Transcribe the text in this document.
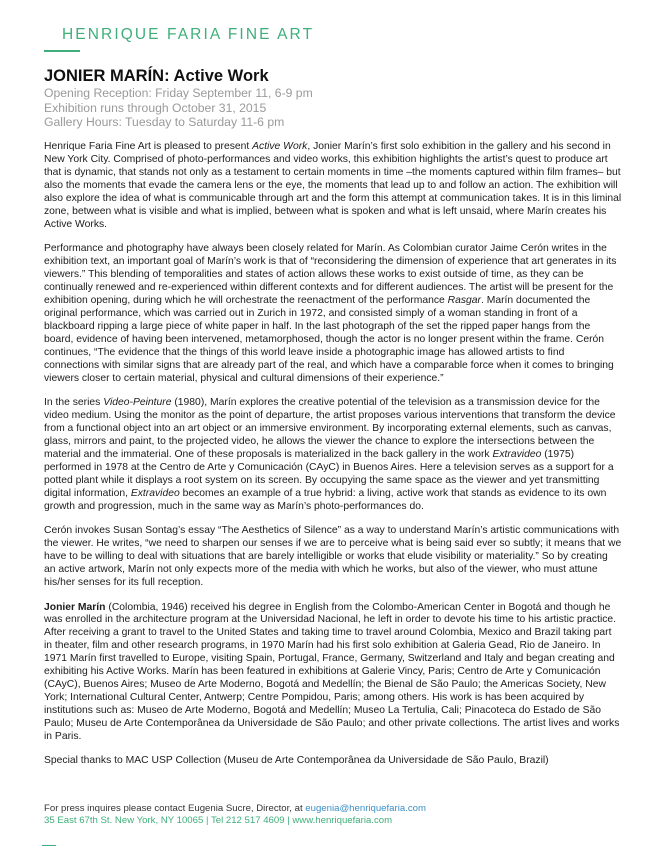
HENRIQUE FARIA FINE ART
JONIER MARÍN: Active Work
Opening Reception: Friday September 11, 6-9 pm
Exhibition runs through October 31, 2015
Gallery Hours: Tuesday to Saturday 11-6 pm

Henrique Faria Fine Art is pleased to present Active Work, Jonier Marín’s first solo exhibition in the gallery and his second in New York City. Comprised of photo-performances and video works, this exhibition highlights the artist’s quest to produce art that is dynamic, that stands not only as a testament to certain moments in time –the moments captured within film frames– but also the moments that evade the camera lens or the eye, the moments that lead up to and follow an action. The exhibition will also explore the idea of what is communicable through art and the form this attempt at communication takes. It is in this liminal zone, between what is visible and what is implied, between what is spoken and what is left unsaid, where Marín creates his Active Works.

Performance and photography have always been closely related for Marín. As Colombian curator Jaime Cerón writes in the exhibition text, an important goal of Marín’s work is that of “reconsidering the dimension of experience that art generates in its viewers.” This blending of temporalities and states of action allows these works to exist outside of time, as they can be continually renewed and re-experienced within different contexts and for different audiences. The artist will be present for the exhibition opening, during which he will orchestrate the reenactment of the performance Rasgar. Marín documented the original performance, which was carried out in Zurich in 1972, and consisted simply of a woman standing in front of a blackboard ripping a large piece of white paper in half. In the last photograph of the set the ripped paper hangs from the board, evidence of having been intervened, metamorphosed, though the actor is no longer present within the frame. Cerón continues, “The evidence that the things of this world leave inside a photographic image has allowed artists to find connections with similar signs that are already part of the real, and which have a comparable force when it comes to bringing viewers closer to certain material, physical and cultural dimensions of their experience.”

In the series Video-Peinture (1980), Marín explores the creative potential of the television as a transmission device for the video medium. Using the monitor as the point of departure, the artist proposes various interventions that transform the device from a functional object into an art object or an immersive environment. By incorporating external elements, such as canvas, glass, mirrors and paint, to the projected video, he allows the viewer the chance to explore the intersections between the material and the immaterial. One of these proposals is materialized in the back gallery in the work Extravideo (1975) performed in 1978 at the Centro de Arte y Comunicación (CAyC) in Buenos Aires. Here a television serves as a support for a potted plant while it displays a root system on its screen. By occupying the same space as the viewer and yet transmitting digital information, Extravideo becomes an example of a true hybrid: a living, active work that stands as evidence to its own growth and progression, much in the same way as Marín’s photo-performances do.

Cerón invokes Susan Sontag’s essay “The Aesthetics of Silence” as a way to understand Marín’s artistic communications with the viewer. He writes, “we need to sharpen our senses if we are to perceive what is being said ever so subtly; it means that we have to be willing to deal with situations that are barely intelligible or works that elude visibility or materiality.” So by creating an active artwork, Marín not only expects more of the media with which he works, but also of the viewer, who must attune his/her senses for its full reception.

Jonier Marín (Colombia, 1946) received his degree in English from the Colombo-American Center in Bogotá and though he was enrolled in the architecture program at the Universidad Nacional, he left in order to devote his time to his artistic practice. After receiving a grant to travel to the United States and taking time to travel around Colombia, Mexico and Brazil taking part in theater, film and other research programs, in 1970 Marín had his first solo exhibition at Galeria Gead, Rio de Janeiro. In 1971 Marín first travelled to Europe, visiting Spain, Portugal, France, Germany, Switzerland and Italy and began creating and exhibiting his Active Works. Marín has been featured in exhibitions at Galerie Vincy, Paris; Centro de Arte y Comunicación (CAyC), Buenos Aires; Museo de Arte Moderno, Bogotá and Medellín; the Bienal de São Paulo; the Americas Society, New York; International Cultural Center, Antwerp; Centre Pompidou, Paris; among others. His work is has been acquired by institutions such as: Museo de Arte Moderno, Bogotá and Medellín; Museo La Tertulia, Cali; Pinacoteca do Estado de São Paulo; Museu de Arte Contemporânea da Universidade de São Paulo; and other private collections. The artist lives and works in Paris.

Special thanks to MAC USP Collection (Museu de Arte Contemporânea da Universidade de São Paulo, Brazil)

For press inquires please contact Eugenia Sucre, Director, at eugenia@henriquefaria.com
35 East 67th St. New York, NY 10065 | Tel 212 517 4609 | www.henriquefaria.com
